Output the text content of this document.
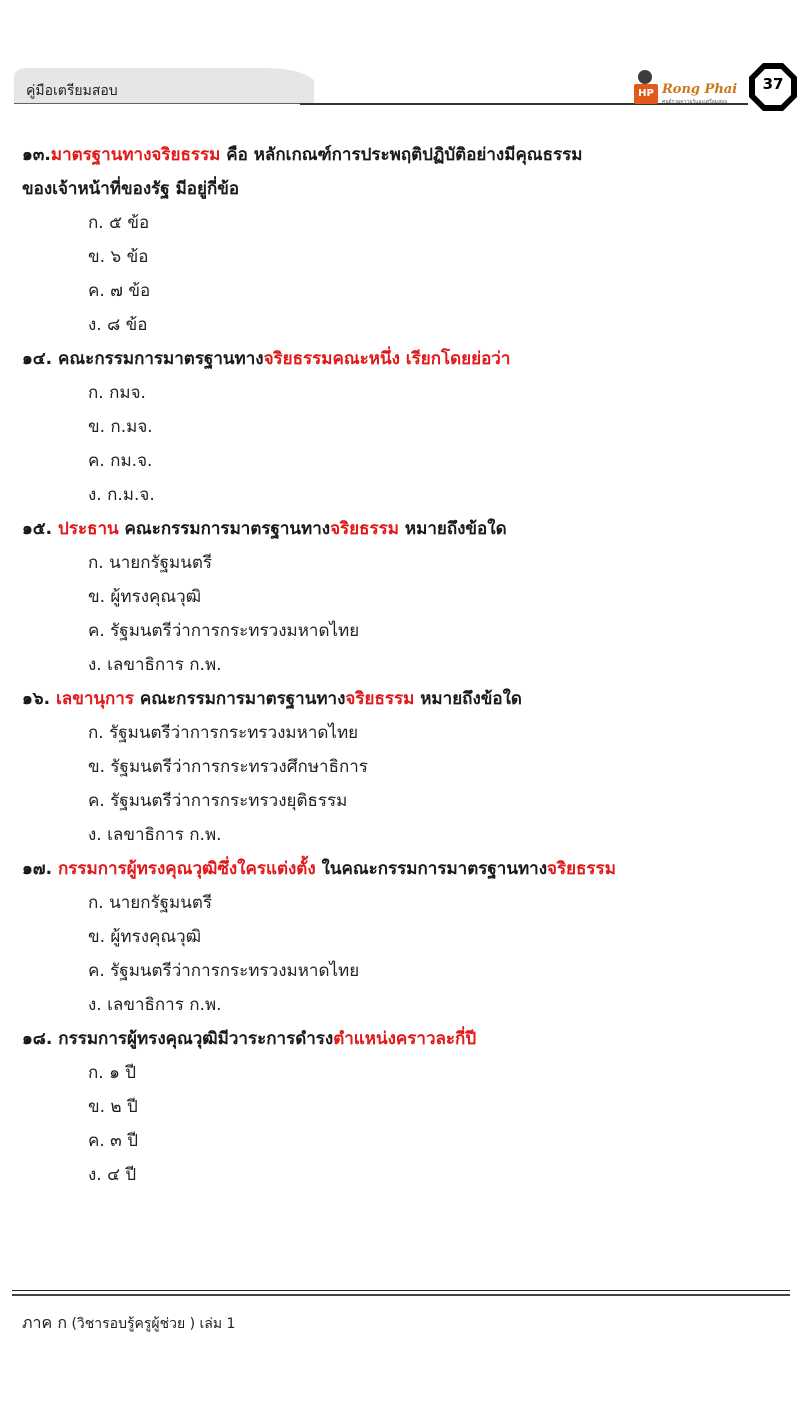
คู่มือเตรียมสอบ	HP Rong Phai
ศูนย์รวมความรู้และเตรียมสอบ
37
๑๓.มาตรฐานทางจริยธรรม คือ หลักเกณฑ์การประพฤติปฏิบัติอย่างมีคุณธรรม
ของเจ้าหน้าที่ของรัฐ มีอยู่กี่ข้อ
ก. ๕ ข้อ
ข. ๖ ข้อ
ค. ๗ ข้อ
ง. ๘ ข้อ
๑๔. คณะกรรมการมาตรฐานทางจริยธรรมคณะหนึ่ง เรียกโดยย่อว่า
ก. กมจ.
ข. ก.มจ.
ค. กม.จ.
ง. ก.ม.จ.
๑๕. ประธาน คณะกรรมการมาตรฐานทางจริยธรรม หมายถึงข้อใด
ก. นายกรัฐมนตรี
ข. ผู้ทรงคุณวุฒิ
ค. รัฐมนตรีว่าการกระทรวงมหาดไทย
ง. เลขาธิการ ก.พ.
๑๖. เลขานุการ คณะกรรมการมาตรฐานทางจริยธรรม หมายถึงข้อใด
ก. รัฐมนตรีว่าการกระทรวงมหาดไทย
ข. รัฐมนตรีว่าการกระทรวงศึกษาธิการ
ค. รัฐมนตรีว่าการกระทรวงยุติธรรม
ง. เลขาธิการ ก.พ.
๑๗. กรรมการผู้ทรงคุณวุฒิซึ่งใครแต่งตั้ง ในคณะกรรมการมาตรฐานทางจริยธรรม
ก. นายกรัฐมนตรี
ข. ผู้ทรงคุณวุฒิ
ค. รัฐมนตรีว่าการกระทรวงมหาดไทย
ง. เลขาธิการ ก.พ.
๑๘. กรรมการผู้ทรงคุณวุฒิมีวาระการดำรงตำแหน่งคราวละกี่ปี
ก. ๑ ปี
ข. ๒ ปี
ค. ๓ ปี
ง. ๔ ปี
ภาค ก (วิชารอบรู้ครูผู้ช่วย ) เล่ม 1
